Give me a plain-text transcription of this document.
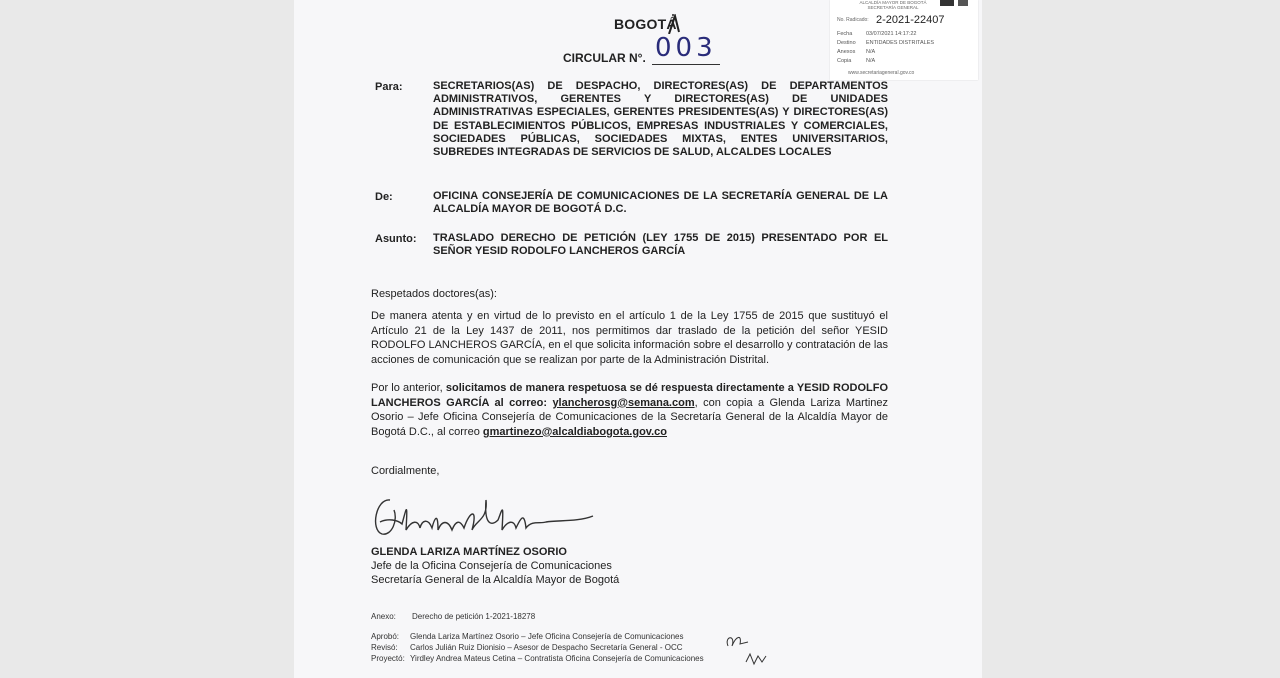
BOGOTÁ
CIRCULAR N°. 003
ALCALDÍA MAYOR DE BOGOTÁ
SECRETARÍA GENERAL
No. Radicado: 2-2021-22407
Fecha 03/07/2021 14:17:22
Destino ENTIDADES DISTRITALES
Anexos N/A
Copia	N/A
www.secretariageneral.gov.co
Para:	SECRETARIOS(AS) DE DESPACHO, DIRECTORES(AS) DE DEPARTAMENTOS ADMINISTRATIVOS, GERENTES Y DIRECTORES(AS) DE UNIDADES ADMINISTRATIVAS ESPECIALES, GERENTES PRESIDENTES(AS) Y DIRECTORES(AS) DE ESTABLECIMIENTOS PÚBLICOS, EMPRESAS INDUSTRIALES Y COMERCIALES, SOCIEDADES PÚBLICAS, SOCIEDADES MIXTAS, ENTES UNIVERSITARIOS, SUBREDES INTEGRADAS DE SERVICIOS DE SALUD, ALCALDES LOCALES
De:	OFICINA CONSEJERÍA DE COMUNICACIONES DE LA SECRETARÍA GENERAL DE LA ALCALDÍA MAYOR DE BOGOTÁ D.C.
Asunto: TRASLADO DERECHO DE PETICIÓN (LEY 1755 DE 2015) PRESENTADO POR EL SEÑOR YESID RODOLFO LANCHEROS GARCÍA
Respetados doctores(as):
De manera atenta y en virtud de lo previsto en el artículo 1 de la Ley 1755 de 2015 que sustituyó el Artículo 21 de la Ley 1437 de 2011, nos permitimos dar traslado de la petición del señor YESID RODOLFO LANCHEROS GARCÍA, en el que solicita información sobre el desarrollo y contratación de las acciones de comunicación que se realizan por parte de la Administración Distrital.
Por lo anterior, solicitamos de manera respetuosa se dé respuesta directamente a YESID RODOLFO LANCHEROS GARCÍA al correo: ylancherosg@semana.com, con copia a Glenda Lariza Martinez Osorio – Jefe Oficina Consejería de Comunicaciones de la Secretaría General de la Alcaldía Mayor de Bogotá D.C., al correo gmartinezo@alcaldiabogota.gov.co
Cordialmente,
GLENDA LARIZA MARTÍNEZ OSORIO
Jefe de la Oficina Consejería de Comunicaciones
Secretaría General de la Alcaldía Mayor de Bogotá
Anexo: Derecho de petición 1-2021-18278
Aprobó: Glenda Lariza Martínez Osorio – Jefe Oficina Consejería de Comunicaciones
Revisó: Carlos Julián Ruiz Dionisio – Asesor de Despacho Secretaría General - OCC
Proyectó: Yirdley Andrea Mateus Cetina – Contratista Oficina Consejería de Comunicaciones
